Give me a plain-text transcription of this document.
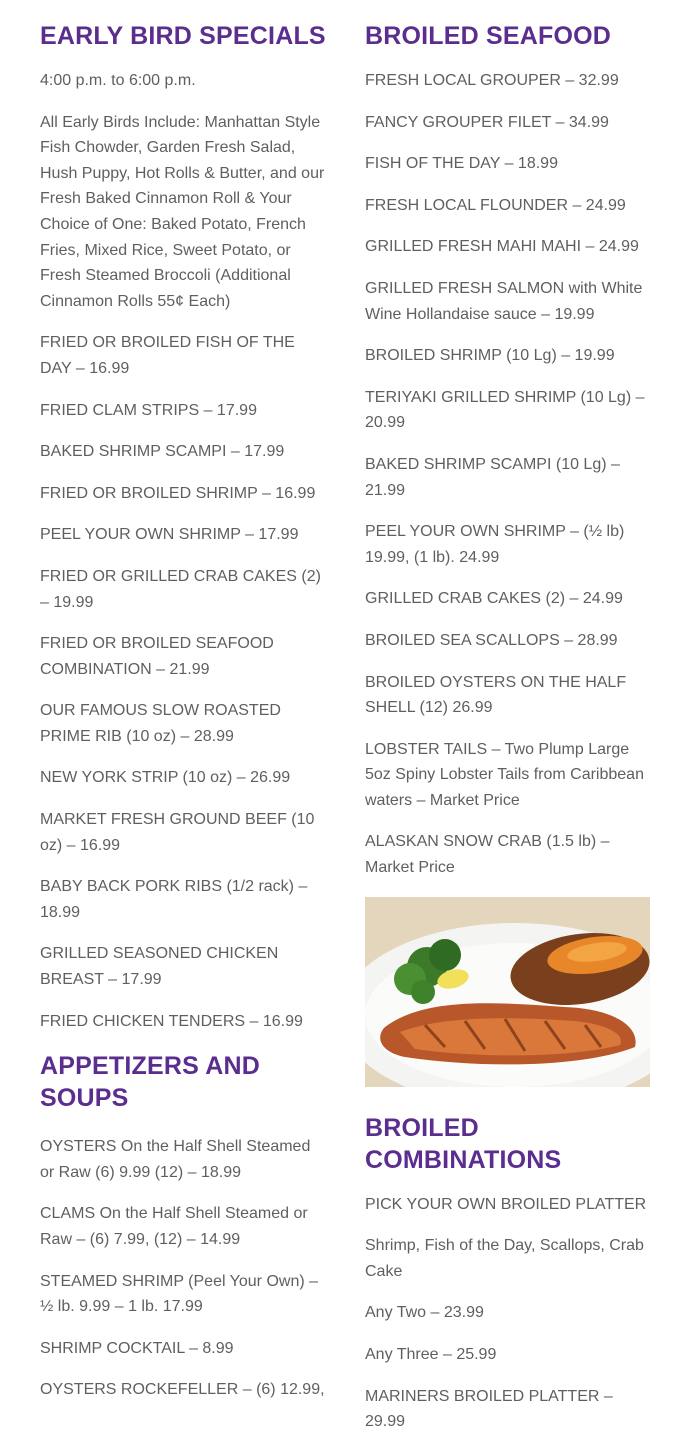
EARLY BIRD SPECIALS

4:00 p.m. to 6:00 p.m.

All Early Birds Include: Manhattan Style Fish Chowder, Garden Fresh Salad, Hush Puppy, Hot Rolls & Butter, and our Fresh Baked Cinnamon Roll & Your Choice of One: Baked Potato, French Fries, Mixed Rice, Sweet Potato, or Fresh Steamed Broccoli (Additional Cinnamon Rolls 55¢ Each)

FRIED OR BROILED FISH OF THE DAY – 16.99

FRIED CLAM STRIPS – 17.99

BAKED SHRIMP SCAMPI – 17.99

FRIED OR BROILED SHRIMP – 16.99

PEEL YOUR OWN SHRIMP – 17.99

FRIED OR GRILLED CRAB CAKES (2) – 19.99

FRIED OR BROILED SEAFOOD COMBINATION – 21.99

OUR FAMOUS SLOW ROASTED PRIME RIB (10 oz) – 28.99

NEW YORK STRIP (10 oz) – 26.99

MARKET FRESH GROUND BEEF (10 oz) – 16.99

BABY BACK PORK RIBS (1/2 rack) – 18.99

GRILLED SEASONED CHICKEN BREAST – 17.99

FRIED CHICKEN TENDERS – 16.99

APPETIZERS AND SOUPS

OYSTERS On the Half Shell Steamed or Raw (6) 9.99 (12) – 18.99

CLAMS On the Half Shell Steamed or Raw – (6) 7.99, (12) – 14.99

STEAMED SHRIMP (Peel Your Own) – ½ lb. 9.99 – 1 lb. 17.99

SHRIMP COCKTAIL – 8.99

OYSTERS ROCKEFELLER – (6) 12.99,

BROILED SEAFOOD

FRESH LOCAL GROUPER – 32.99

FANCY GROUPER FILET – 34.99

FISH OF THE DAY – 18.99

FRESH LOCAL FLOUNDER – 24.99

GRILLED FRESH MAHI MAHI – 24.99

GRILLED FRESH SALMON with White Wine Hollandaise sauce – 19.99

BROILED SHRIMP (10 Lg) – 19.99

TERIYAKI GRILLED SHRIMP (10 Lg) – 20.99

BAKED SHRIMP SCAMPI (10 Lg) – 21.99

PEEL YOUR OWN SHRIMP – (½ lb) 19.99, (1 lb). 24.99

GRILLED CRAB CAKES (2) – 24.99

BROILED SEA SCALLOPS – 28.99

BROILED OYSTERS ON THE HALF SHELL (12) 26.99

LOBSTER TAILS – Two Plump Large 5oz Spiny Lobster Tails from Caribbean waters – Market Price

ALASKAN SNOW CRAB (1.5 lb) – Market Price

BROILED COMBINATIONS

PICK YOUR OWN BROILED PLATTER

Shrimp, Fish of the Day, Scallops, Crab Cake

Any Two – 23.99

Any Three – 25.99

MARINERS BROILED PLATTER – 29.99
